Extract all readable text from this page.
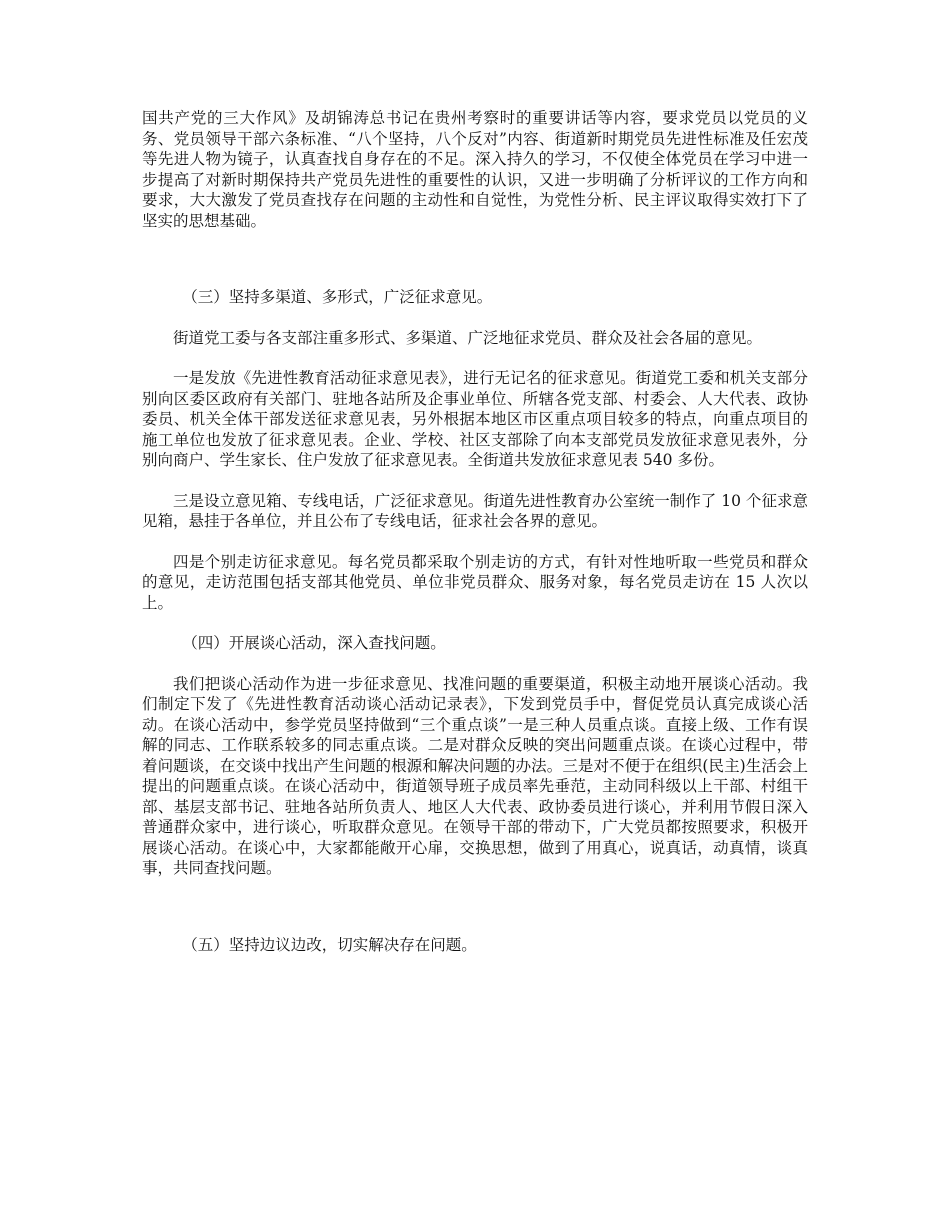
国共产党的三大作风》及胡锦涛总书记在贵州考察时的重要讲话等内容，要求党员以党员的义务、党员领导干部六条标准、“八个坚持，八个反对”内容、街道新时期党员先进性标准及任宏茂等先进人物为镜子，认真查找自身存在的不足。深入持久的学习，不仅使全体党员在学习中进一步提高了对新时期保持共产党员先进性的重要性的认识，又进一步明确了分析评议的工作方向和要求，大大激发了党员查找存在问题的主动性和自觉性，为党性分析、民主评议取得实效打下了坚实的思想基础。

（三）坚持多渠道、多形式，广泛征求意见。

街道党工委与各支部注重多形式、多渠道、广泛地征求党员、群众及社会各届的意见。

一是发放《先进性教育活动征求意见表》，进行无记名的征求意见。街道党工委和机关支部分别向区委区政府有关部门、驻地各站所及企事业单位、所辖各党支部、村委会、人大代表、政协委员、机关全体干部发送征求意见表，另外根据本地区市区重点项目较多的特点，向重点项目的施工单位也发放了征求意见表。企业、学校、社区支部除了向本支部党员发放征求意见表外，分别向商户、学生家长、住户发放了征求意见表。全街道共发放征求意见表 540 多份。

三是设立意见箱、专线电话，广泛征求意见。街道先进性教育办公室统一制作了 10 个征求意见箱，悬挂于各单位，并且公布了专线电话，征求社会各界的意见。

四是个别走访征求意见。每名党员都采取个别走访的方式，有针对性地听取一些党员和群众的意见，走访范围包括支部其他党员、单位非党员群众、服务对象，每名党员走访在 15 人次以上。

（四）开展谈心活动，深入查找问题。

我们把谈心活动作为进一步征求意见、找准问题的重要渠道，积极主动地开展谈心活动。我们制定下发了《先进性教育活动谈心活动记录表》，下发到党员手中，督促党员认真完成谈心活动。在谈心活动中，参学党员坚持做到“三个重点谈”一是三种人员重点谈。直接上级、工作有误解的同志、工作联系较多的同志重点谈。二是对群众反映的突出问题重点谈。在谈心过程中，带着问题谈，在交谈中找出产生问题的根源和解决问题的办法。三是对不便于在组织(民主)生活会上提出的问题重点谈。在谈心活动中，街道领导班子成员率先垂范，主动同科级以上干部、村组干部、基层支部书记、驻地各站所负责人、地区人大代表、政协委员进行谈心，并利用节假日深入普通群众家中，进行谈心，听取群众意见。在领导干部的带动下，广大党员都按照要求，积极开展谈心活动。在谈心中，大家都能敞开心扉，交换思想，做到了用真心，说真话，动真情，谈真事，共同查找问题。

（五）坚持边议边改，切实解决存在问题。
